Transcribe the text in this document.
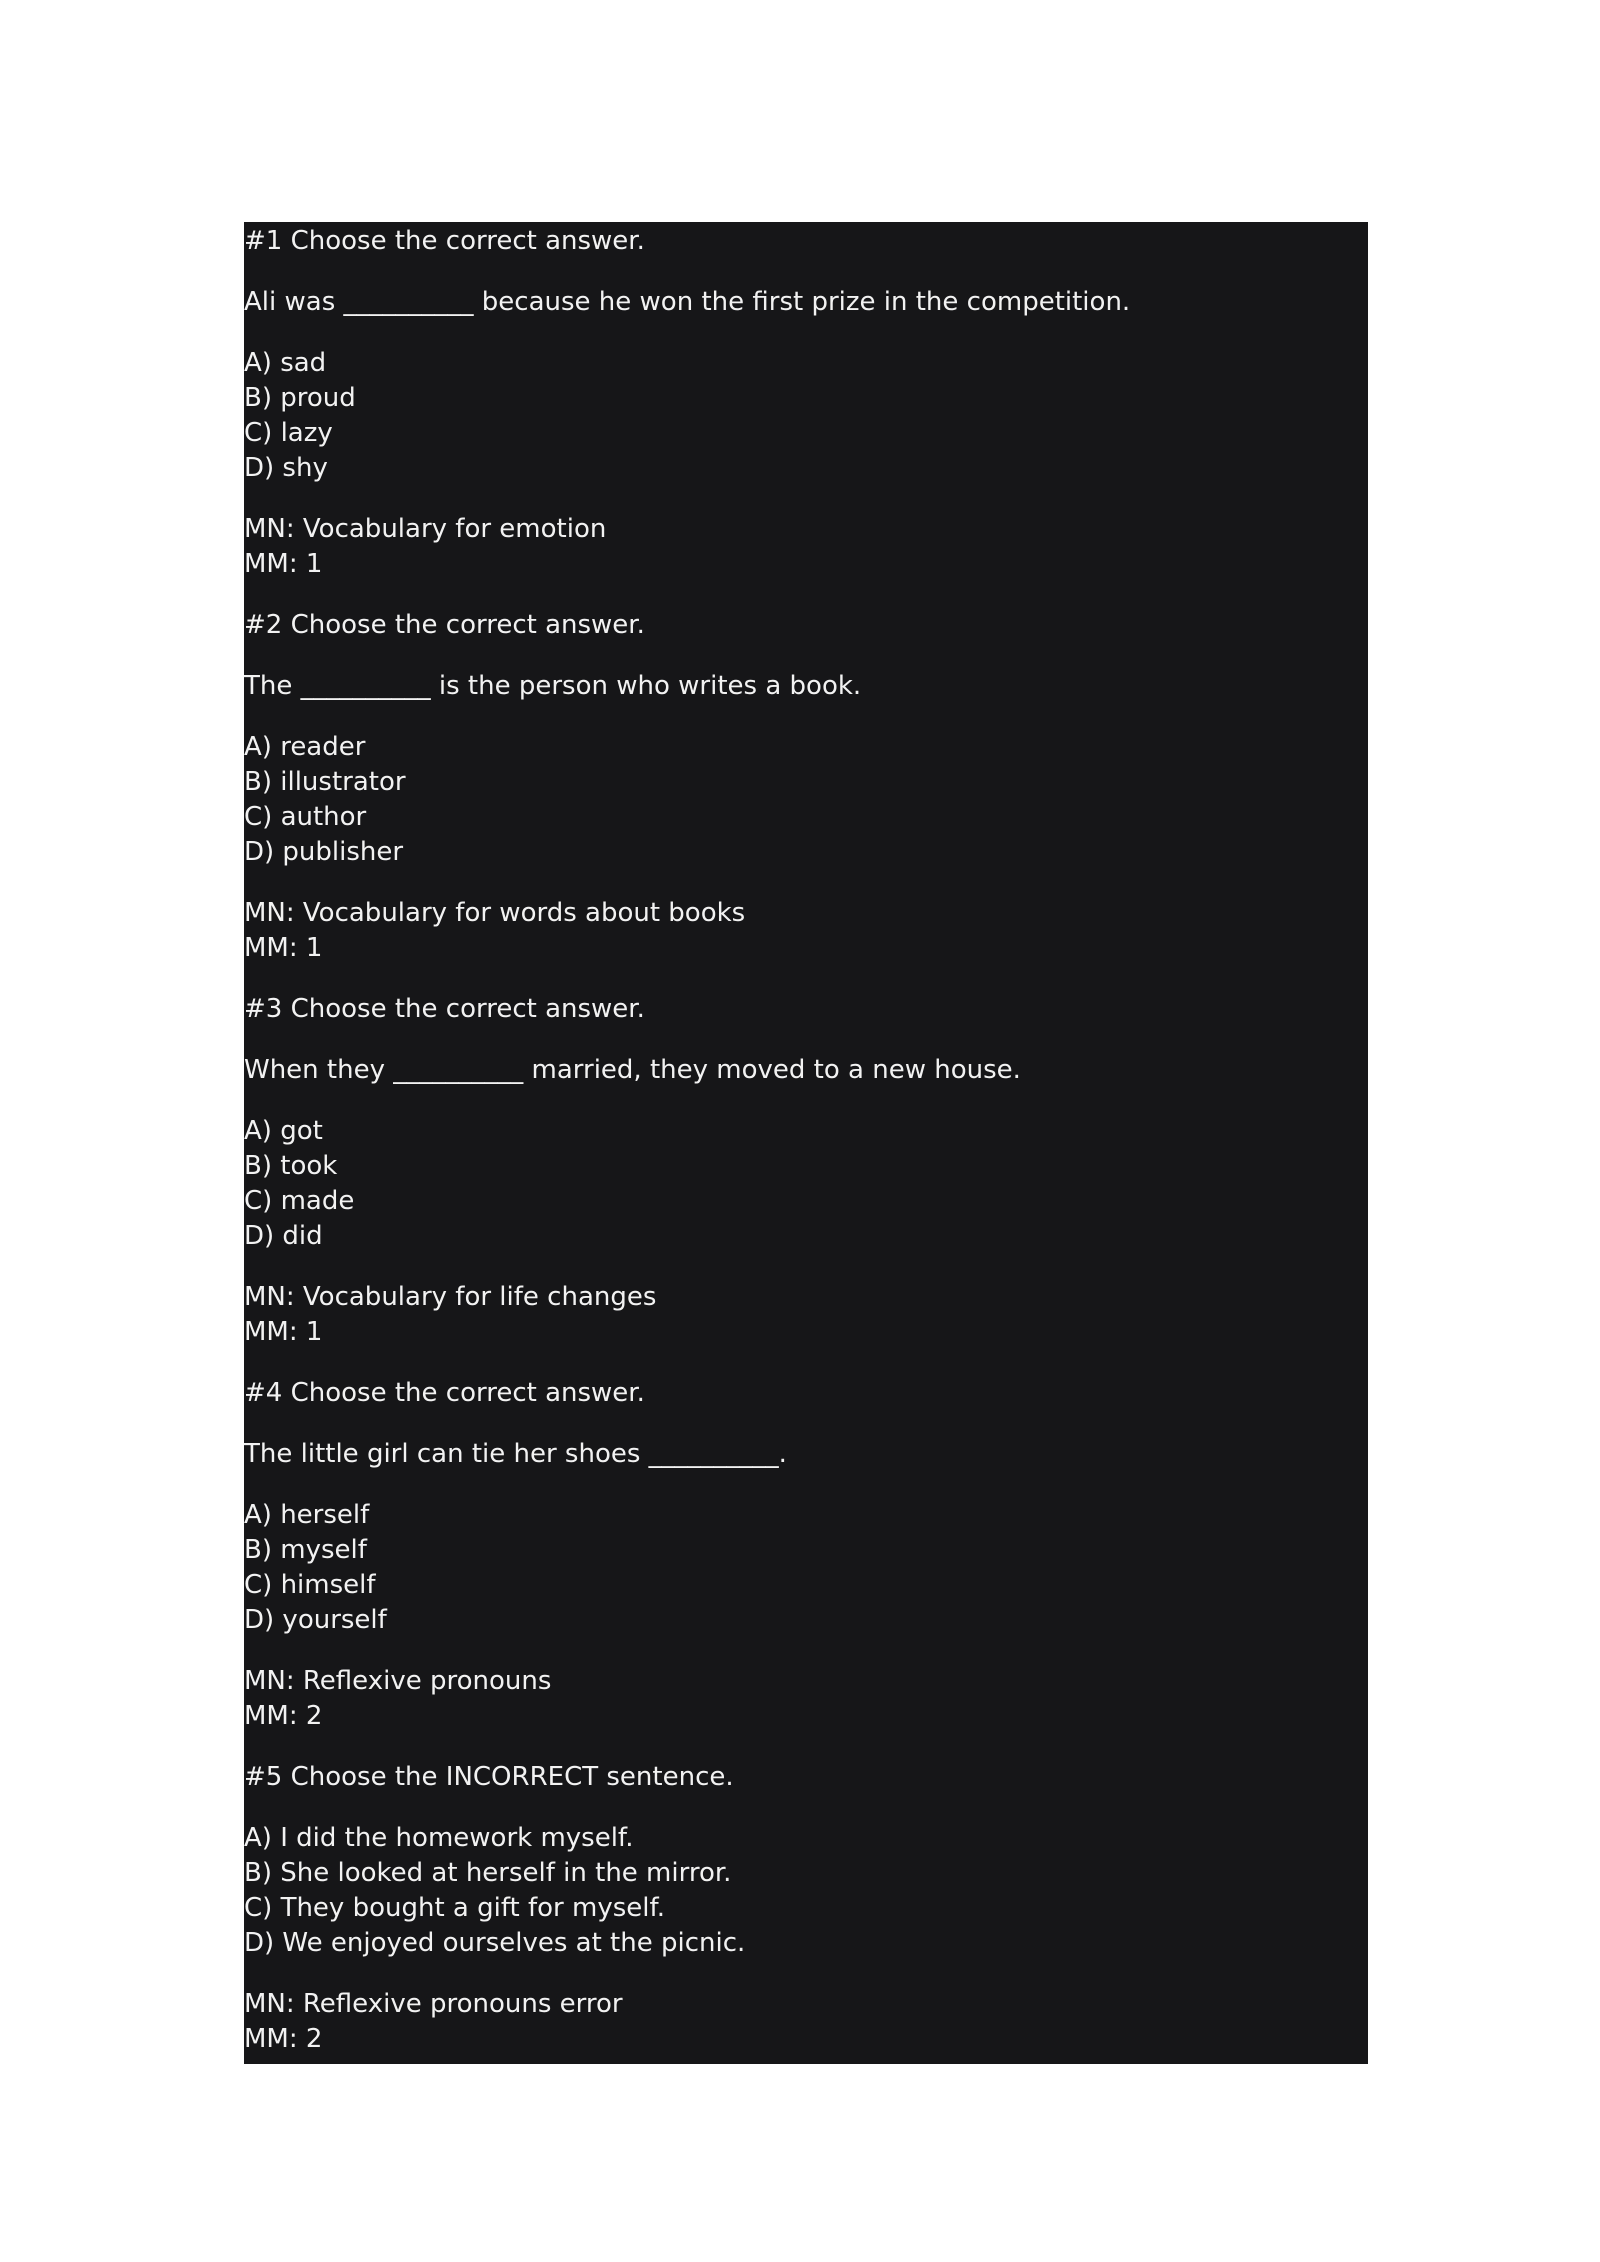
#1 Choose the correct answer.
Ali was __________ because he won the first prize in the competition.
A) sad
B) proud
C) lazy
D) shy
MN: Vocabulary for emotion
MM: 1
#2 Choose the correct answer.
The __________ is the person who writes a book.
A) reader
B) illustrator
C) author
D) publisher
MN: Vocabulary for words about books
MM: 1
#3 Choose the correct answer.
When they __________ married, they moved to a new house.
A) got
B) took
C) made
D) did
MN: Vocabulary for life changes
MM: 1
#4 Choose the correct answer.
The little girl can tie her shoes __________.
A) herself
B) myself
C) himself
D) yourself
MN: Reflexive pronouns
MM: 2
#5 Choose the INCORRECT sentence.
A) I did the homework myself.
B) She looked at herself in the mirror.
C) They bought a gift for myself.
D) We enjoyed ourselves at the picnic.
MN: Reflexive pronouns error
MM: 2
